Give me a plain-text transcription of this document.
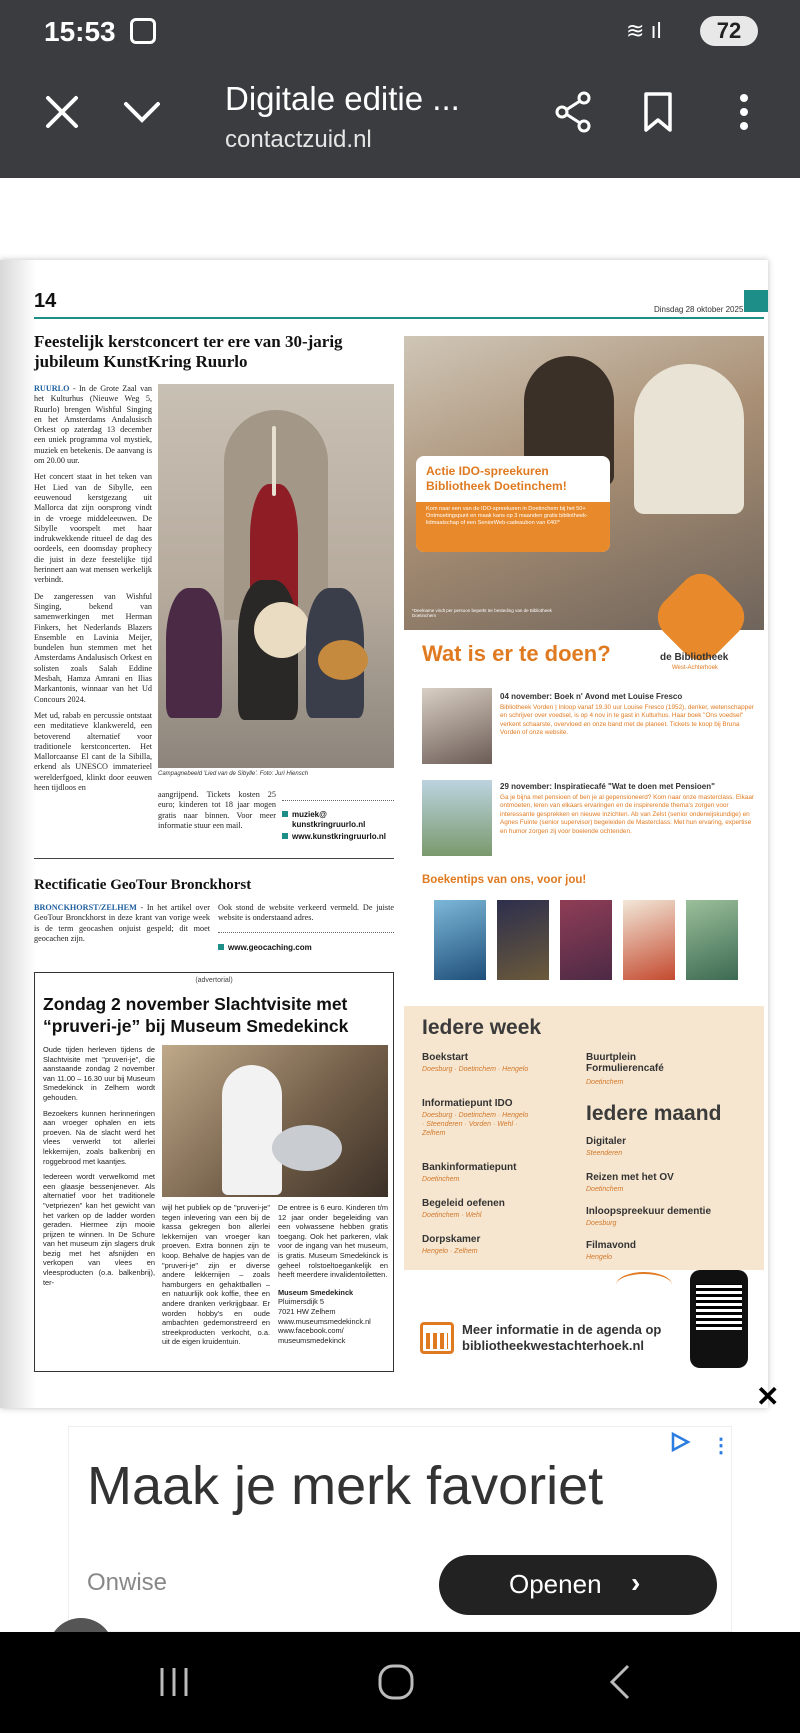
15:53	≋ ıl	72
Digitale editie ...
contactzuid.nl
14	Dinsdag 28 oktober 2025
Feestelijk kerstconcert ter ere van 30-jarig jubileum KunstKring Ruurlo

RUURLO - In de Grote Zaal van het Kulturhus (Nieuwe Weg 5, Ruurlo) brengen Wishful Singing en het Amsterdams Andalusisch Orkest op zaterdag 13 december een uniek programma vol mystiek, muziek en betekenis. De aanvang is om 20.00 uur.

Het concert staat in het teken van Het Lied van de Sibylle, een eeuwenoud kerstgezang uit Mallorca dat zijn oorsprong vindt in de vroege middeleeuwen. De Sibylle voorspelt met haar indrukwekkende ritueel de dag des oordeels, een doomsday prophecy die juist in deze feestelijke tijd herinnert aan wat mensen werkelijk verbindt.

De zangeressen van Wishful Singing, bekend van samenwerkingen met Herman Finkers, het Nederlands Blazers Ensemble en Lavinia Meijer, bundelen hun stemmen met het Amsterdams Andalusisch Orkest en solisten zoals Salah Eddine Mesbah, Hamza Amrani en Ilias Markantonis, winnaar van het Ud Concours 2024.

Met ud, rabab en percussie ontstaat een meditatieve klankwereld, een betoverend alternatief voor traditionele kerstconcerten. Het Mallorcaanse El cant de la Sibilla, erkend als UNESCO immaterieel werelderfgoed, klinkt door eeuwen heen tijdloos en

Campagnebeeld 'Lied van de Sibylle'. Foto: Juri Hiensch
aangrijpend. Tickets kosten 25 euro; kinderen tot 18 jaar mogen gratis naar binnen. Voor meer informatie stuur een mail.
muziek@
kunstkringruurlo.nl
www.kunstkringruurlo.nl
Rectificatie GeoTour Bronckhorst
BRONCKHORST/ZELHEM - In het artikel over GeoTour Bronckhorst in deze krant van vorige week is de term geocashen onjuist gespeld; dit moet geocachen zijn.
Ook stond de website verkeerd vermeld. De juiste website is onderstaand adres.
www.geocaching.com
(advertorial)
Zondag 2 november Slachtvisite met “pruveri-je” bij Museum Smedekinck

Oude tijden herleven tijdens de Slachtvisite met "pruveri-je", die aanstaande zondag 2 november van 11.00 – 16.30 uur bij Museum Smedekinck in Zelhem wordt gehouden.

Bezoekers kunnen herinneringen aan vroeger ophalen en iets proeven. Na de slacht werd het vlees verwerkt tot allerlei lekkernijen, zoals balkenbrij en roggebrood met kaantjes.

Iedereen wordt verwelkomd met een glaasje bessenjenever. Als alternatief voor het traditionele "vetpriezen" kan het gewicht van het varken op de ladder worden geraden. Hiermee zijn mooie prijzen te winnen. In De Schure van het museum zijn slagers druk bezig met het afsnijden en verkopen van vlees en vleesproducten (o.a. balkenbrij), ter-

wijl het publiek op de "pruveri-je" tegen inlevering van een bij de kassa gekregen bon allerlei lekkernijen van vroeger kan proeven. Extra bonnen zijn te koop. Behalve de hapjes van de "pruveri-je" zijn er diverse andere lekkernijen – zoals hamburgers en gehaktballen – en natuurlijk ook koffie, thee en andere dranken verkrijgbaar. Er worden hobby's en oude ambachten gedemonstreerd en streekproducten verkocht, o.a. uit de eigen kruidentuin.

De entree is 6 euro. Kinderen t/m 12 jaar onder begeleiding van een volwassene hebben gratis toegang. Ook het parkeren, vlak voor de ingang van het museum, is gratis. Museum Smedekinck is geheel rolstoeltoegankelijk en heeft meerdere invalidentoiletten.

Museum Smedekinck

Pluimersdijk 5

7021 HW Zelhem

www.museumsmedekinck.nl

www.facebook.com/

museumsmedekinck

Actie IDO-spreekuren Bibliotheek Doetinchem!
Kom naar een van de IDO-spreekuren in Doetinchem bij het 50+ Ontmoetingspunt en maak kans op 3 maanden gratis bibliotheek- lidmaatschap of een SeniorWeb-cadeaubon van €40!*
*Deelname vindt per persoon beperkt ter besteding van de Bibliotheek Doetinchem
de Bibliotheek
West-Achterhoek
Wat is er te doen?
04 november: Boek n' Avond met Louise Fresco
Bibliotheek Vorden | Inloop vanaf 19.30 uur Louise Fresco (1952), denker, wetenschapper en schrijver over voedsel, is op 4 nov in te gast in Kulturhus. Haar boek "Ons voedsel" verkent schaarste, overvloed en onze band met de planeet. Tickets te koop bij Bruna Vorden of onze website.
29 november: Inspiratiecafé "Wat te doen met Pensioen"
Ga je bijna met pensioen of ben je al gepensioneerd? Kom naar onze masterclass. Elkaar ontmoeten, leren van elkaars ervaringen en de inspirerende thema's zorgen voor interessante gesprekken en nieuwe inzichten. Ab van Zelst (senior onderwijskundige) en Agnes Fuinte (senior supervisor) begeleiden de Masterclass. Met hun ervaring, expertise en humor zorgen zij voor boeiende ochtenden.
Boekentips van ons, voor jou!
Iedere week
Boekstart
Doesburg · Doetinchem · Hengelo
Informatiepunt IDO
Doesburg · Doetinchem · Hengelo · Steenderen · Vorden · Wehl · Zelhem
Bankinformatiepunt
Doetinchem
Begeleid oefenen
Doetinchem · Wehl
Dorpskamer
Hengelo · Zelhem
Buurtplein Formulierencafé
Doetinchem
Iedere maand
Digitaler
Steenderen
Reizen met het OV
Doetinchem
Inloopspreekuur dementie
Doesburg
Filmavond
Hengelo
Meer informatie in de agenda op
bibliotheekwestachterhoek.nl
✕
⋮
Maak je merk favoriet
Onwise	Openen ›
